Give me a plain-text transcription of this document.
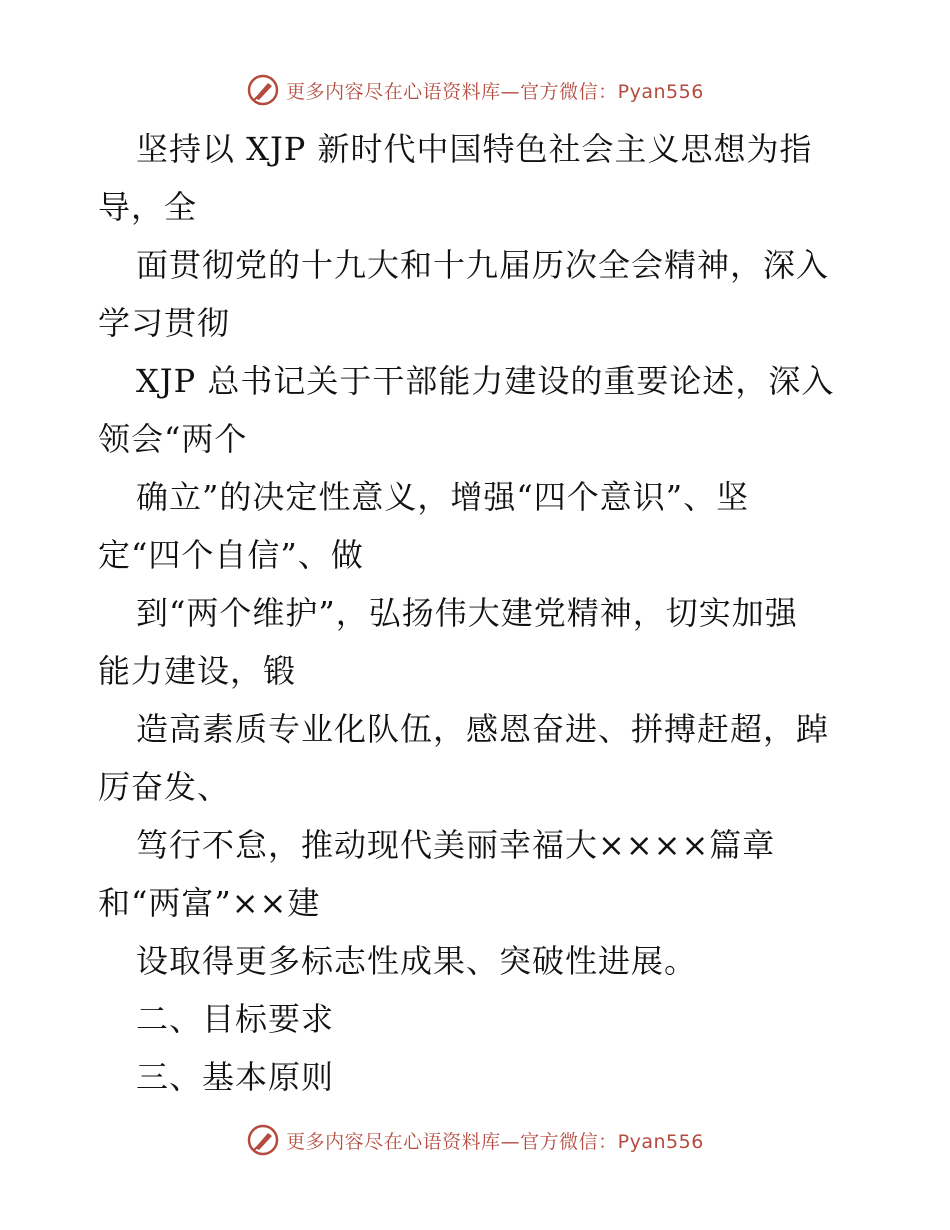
更多内容尽在心语资料库—官方微信：Pyan556
坚持以 XJP 新时代中国特色社会主义思想为指
导，全
面贯彻党的十九大和十九届历次全会精神，深入
学习贯彻
XJP 总书记关于干部能力建设的重要论述，深入
领会“两个
确立”的决定性意义，增强“四个意识”、坚
定“四个自信”、做
到“两个维护”，弘扬伟大建党精神，切实加强
能力建设，锻
造高素质专业化队伍，感恩奋进、拼搏赶超，踔
厉奋发、
笃行不怠，推动现代美丽幸福大××××篇章
和“两富”××建
设取得更多标志性成果、突破性进展。
二、目标要求
三、基本原则
更多内容尽在心语资料库—官方微信：Pyan556
